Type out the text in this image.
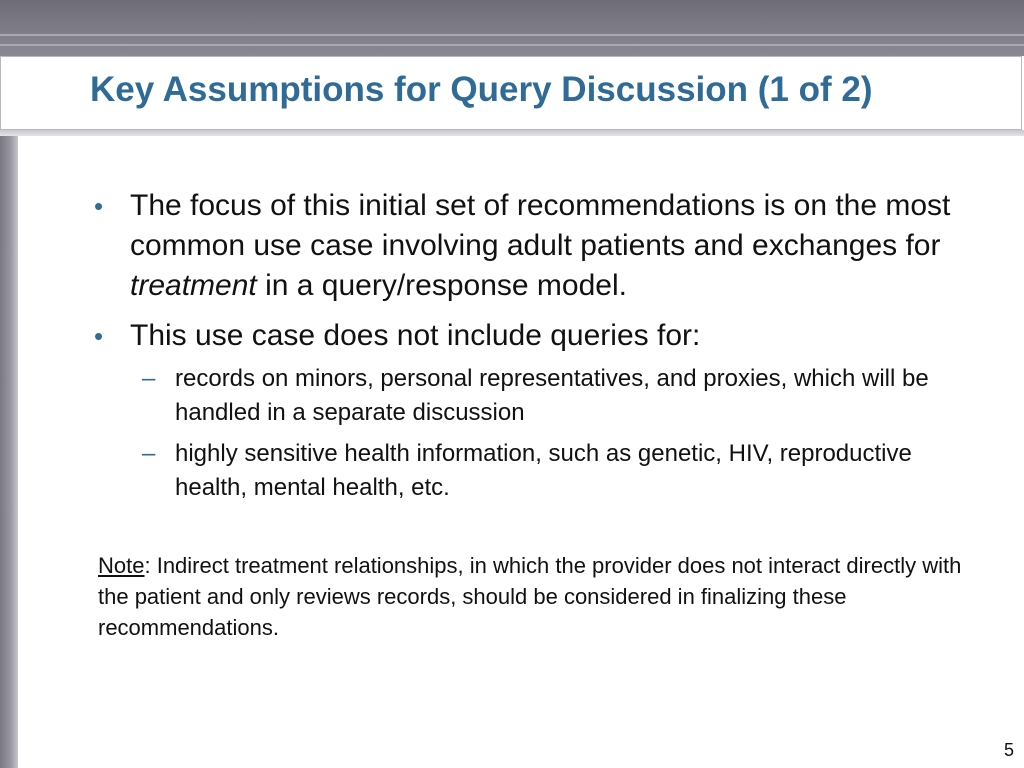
Key Assumptions for Query Discussion (1 of 2)
• The focus of this initial set of recommendations is on the most common use case involving adult patients and exchanges for treatment in a query/response model.
• This use case does not include queries for:
– records on minors, personal representatives, and proxies, which will be handled in a separate discussion
– highly sensitive health information, such as genetic, HIV, reproductive health, mental health, etc.
Note: Indirect treatment relationships, in which the provider does not interact directly with the patient and only reviews records, should be considered in finalizing these recommendations.
5
